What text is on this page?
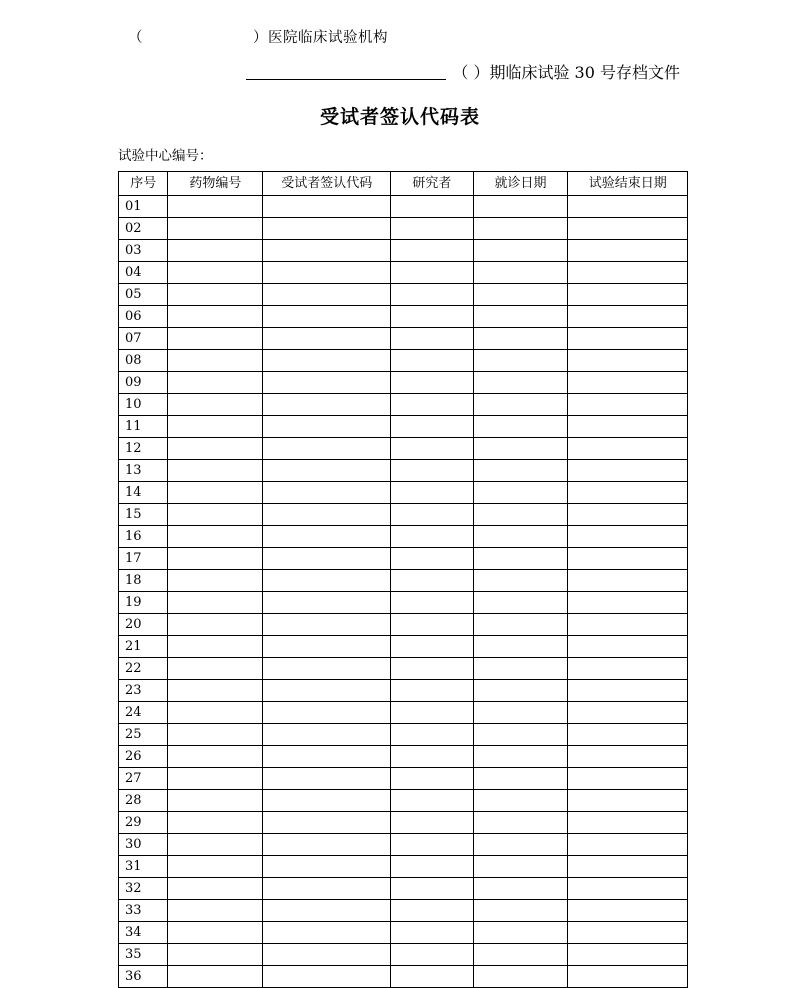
（	）医院临床试验机构

（ ）期临床试验 30 号存档文件

受试者签认代码表

试验中心编号：

序号	药物编号	受试者签认代码	研究者	就诊日期	试验结束日期
01					
02					
03					
04					
05					
06					
07					
08					
09					
10					
11					
12					
13					
14					
15					
16					
17					
18					
19					
20					
21					
22					
23					
24					
25					
26					
27					
28					
29					
30					
31					
32					
33					
34					
35					
36					
